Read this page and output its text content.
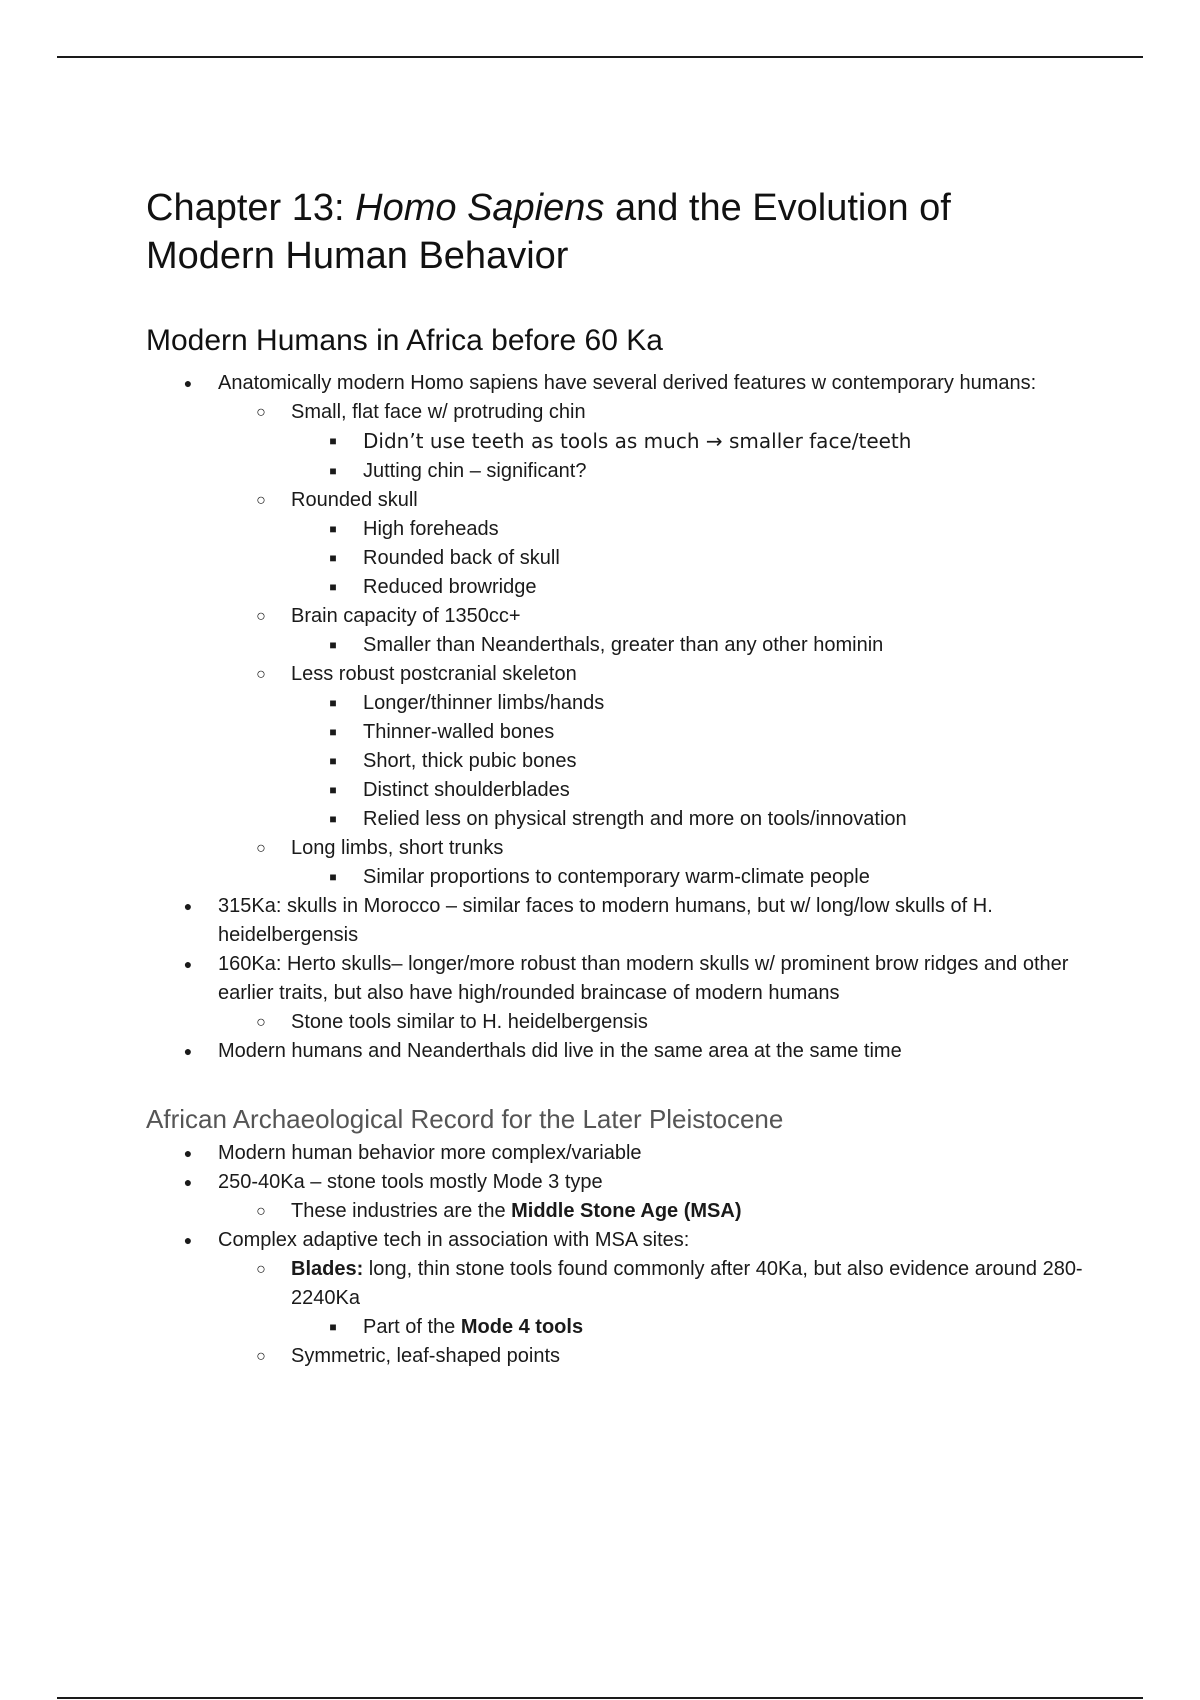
Chapter 13: Homo Sapiens and the Evolution of
Modern Human Behavior
Modern Humans in Africa before 60 Ka
● Anatomically modern Homo sapiens have several derived features w contemporary humans:
○ Small, flat face w/ protruding chin
■	Didn’t use teeth as tools as much → smaller face/teeth
■	Jutting chin – significant?
○ Rounded skull
■	High foreheads
■	Rounded back of skull
■	Reduced browridge
○ Brain capacity of 1350cc+
■	Smaller than Neanderthals, greater than any other hominin
○ Less robust postcranial skeleton
■	Longer/thinner limbs/hands
■	Thinner-walled bones
■	Short, thick pubic bones
■	Distinct shoulderblades
■	Relied less on physical strength and more on tools/innovation
○ Long limbs, short trunks
■	Similar proportions to contemporary warm-climate people
● 315Ka: skulls in Morocco – similar faces to modern humans, but w/ long/low skulls of H. heidelbergensis
● 160Ka: Herto skulls– longer/more robust than modern skulls w/ prominent brow ridges and other earlier traits, but also have high/rounded braincase of modern humans
○ Stone tools similar to H. heidelbergensis
● Modern humans and Neanderthals did live in the same area at the same time
African Archaeological Record for the Later Pleistocene
● Modern human behavior more complex/variable
● 250-40Ka – stone tools mostly Mode 3 type
○ These industries are the Middle Stone Age (MSA)
● Complex adaptive tech in association with MSA sites:
○ Blades: long, thin stone tools found commonly after 40Ka, but also evidence around 280-2240Ka
■	Part of the Mode 4 tools
○ Symmetric, leaf-shaped points
